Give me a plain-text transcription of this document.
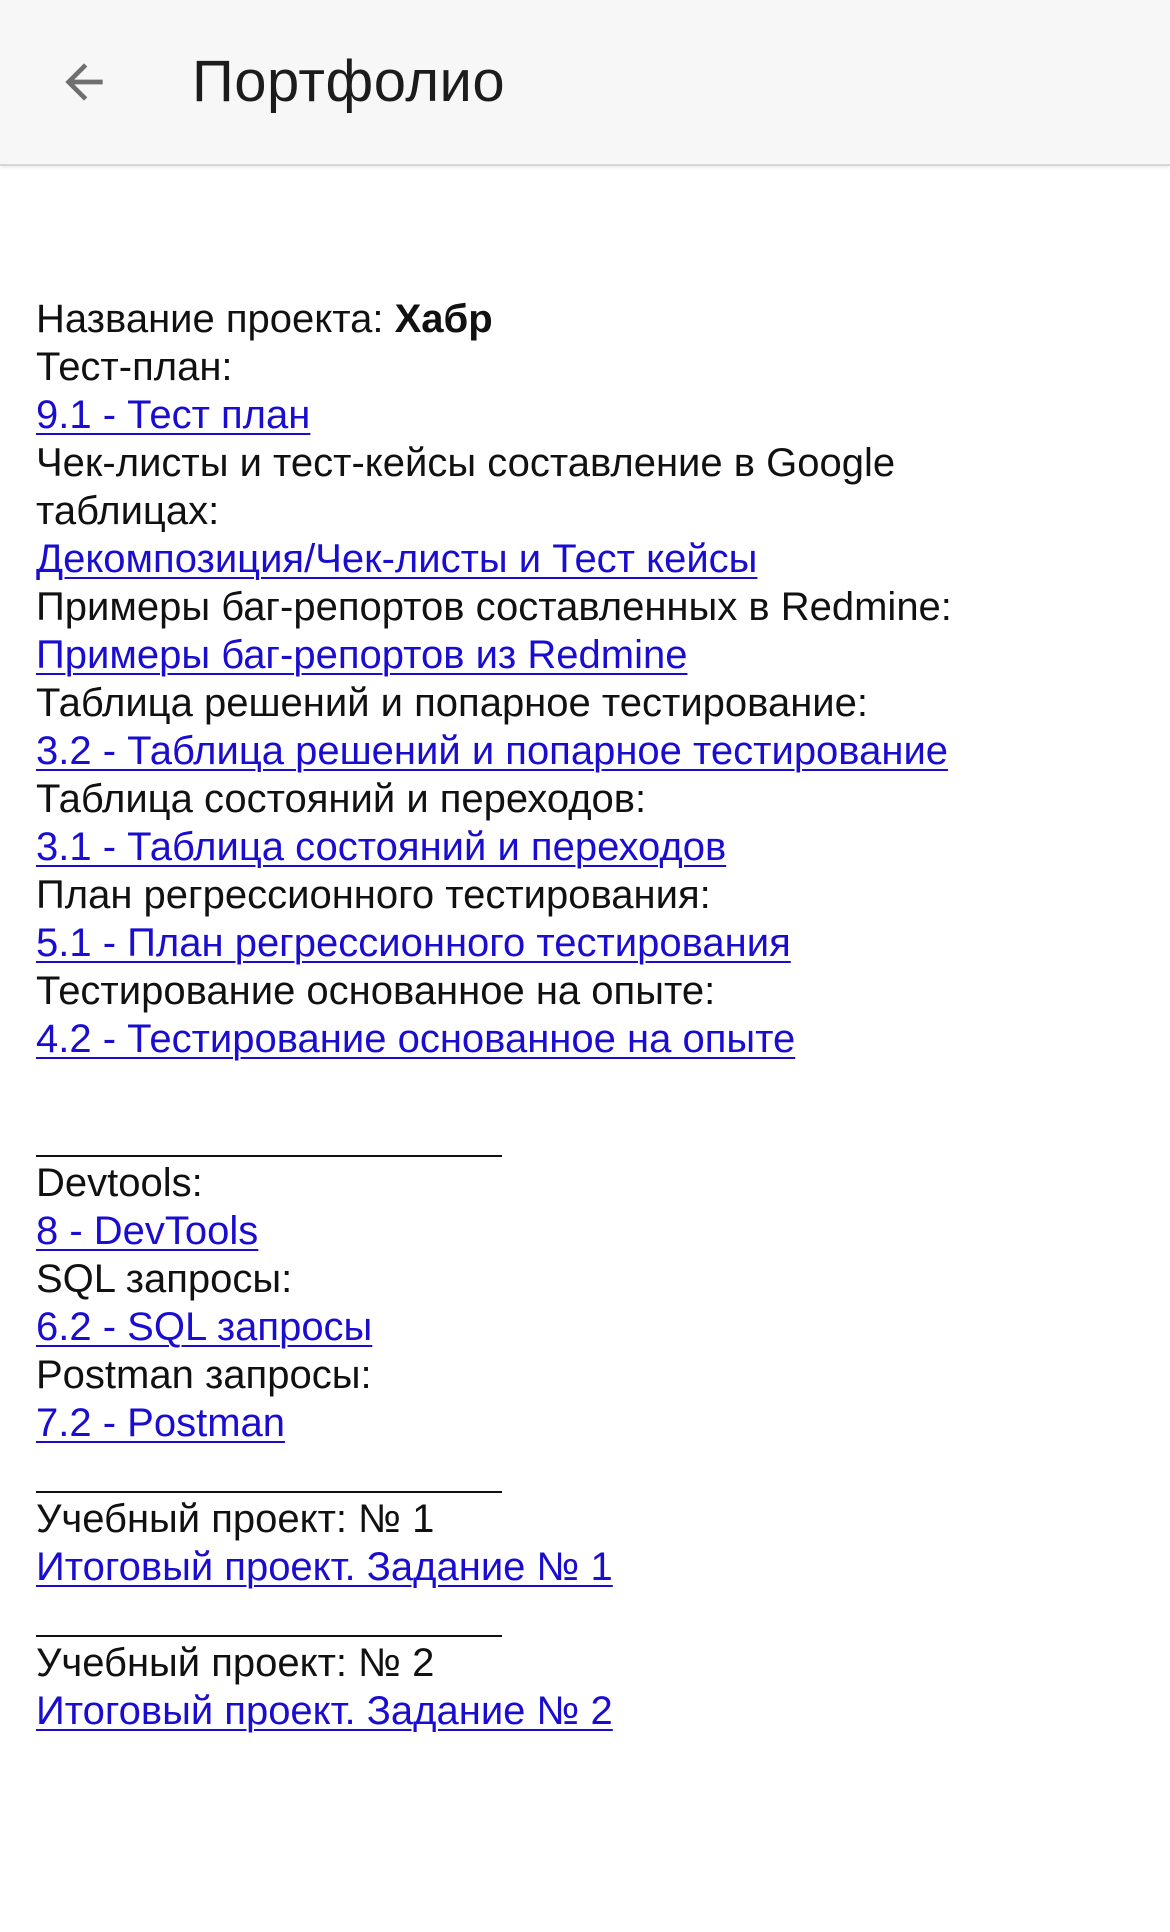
Портфолио
Название проекта: Хабр
Тест-план:
9.1 - Тест план
Чек-листы и тест-кейсы составление в Google таблицах:
Декомпозиция/Чек-листы и Тест кейсы
Примеры баг-репортов составленных в Redmine:
Примеры баг-репортов из Redmine
Таблица решений и попарное тестирование:
3.2 - Таблица решений и попарное тестирование
Таблица состояний и переходов:
3.1 - Таблица состояний и переходов
План регрессионного тестирования:
5.1 - План регрессионного тестирования
Тестирование основанное на опыте:
4.2 - Тестирование основанное на опыте
Devtools:
8 - DevTools
SQL запросы:
6.2 - SQL запросы
Postman запросы:
7.2 - Postman
Учебный проект: № 1
Итоговый проект. Задание № 1
Учебный проект: № 2
Итоговый проект. Задание № 2
